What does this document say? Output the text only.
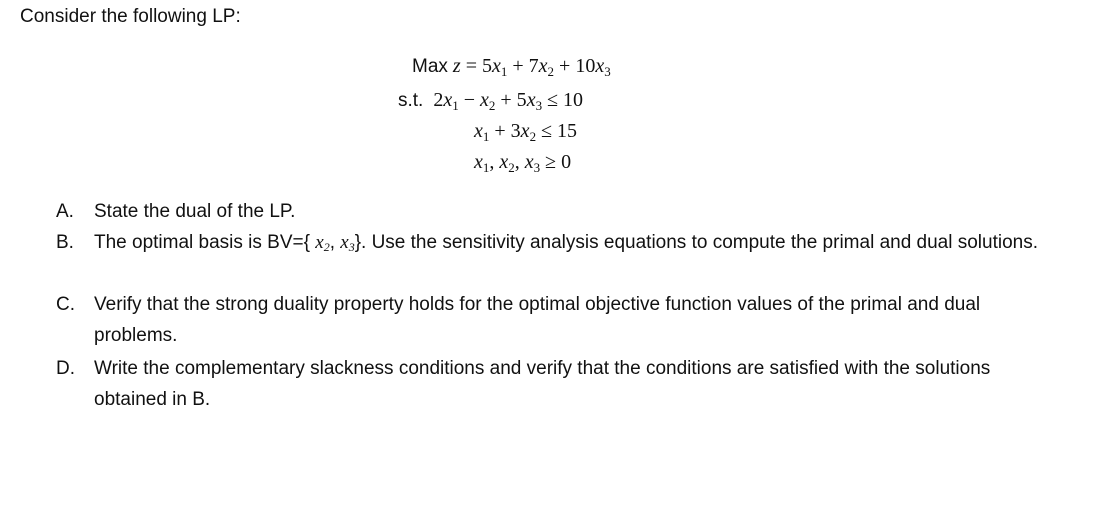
Consider the following LP:
Max $z = 5x_1 + 7x_2 + 10x_3$
s.t.  $2x_1 - x_2 + 5x_3 \le 10$
$x_1 + 3x_2 \le 15$
$x_1$, $x_2$, $x_3 \ge 0$
A. State the dual of the LP.
B. The optimal basis is BV={ $x_2$, $x_3$}. Use the sensitivity analysis equations to compute the primal and dual solutions.
C. Verify that the strong duality property holds for the optimal objective function values of the primal and dual problems.
D. Write the complementary slackness conditions and verify that the conditions are satisfied with the solutions obtained in B.
